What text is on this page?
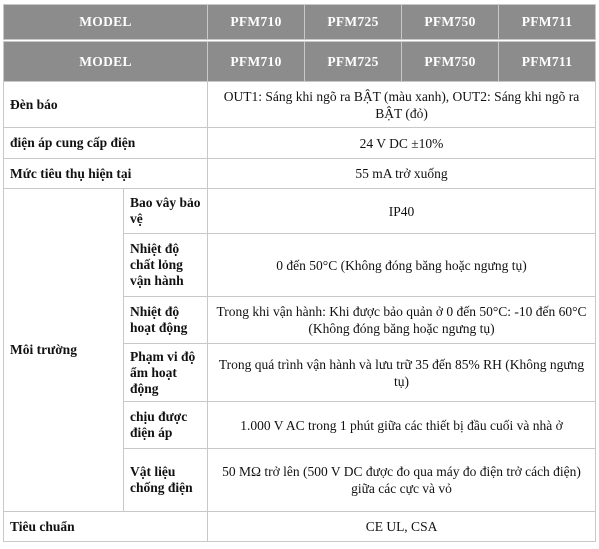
MODEL	PFM710	PFM725	PFM750	PFM711
MODEL		PFM710	PFM725	PFM750	PFM711
Đèn báo		OUT1: Sáng khi ngõ ra BẬT (màu xanh), OUT2: Sáng khi ngõ ra BẬT (đỏ)			
điện áp cung cấp điện		24 V DC ±10%			
Mức tiêu thụ hiện tại		55 mA trở xuống			
Môi trường	Bao vây bảo vệ	IP40			
	Nhiệt độ chất lỏng vận hành	0 đến 50°C (Không đóng băng hoặc ngưng tụ)			
	Nhiệt độ hoạt động	Trong khi vận hành: Khi được bảo quản ở 0 đến 50°C: -10 đến 60°C (Không đóng băng hoặc ngưng tụ)			
	Phạm vi độ ẩm hoạt động	Trong quá trình vận hành và lưu trữ 35 đến 85% RH (Không ngưng tụ)			
	chịu được điện áp	1.000 V AC trong 1 phút giữa các thiết bị đầu cuối và nhà ở			
	Vật liệu chống điện	50 MΩ trở lên (500 V DC được đo qua máy đo điện trở cách điện) giữa các cực và vỏ			
Tiêu chuẩn		CE UL, CSA			
